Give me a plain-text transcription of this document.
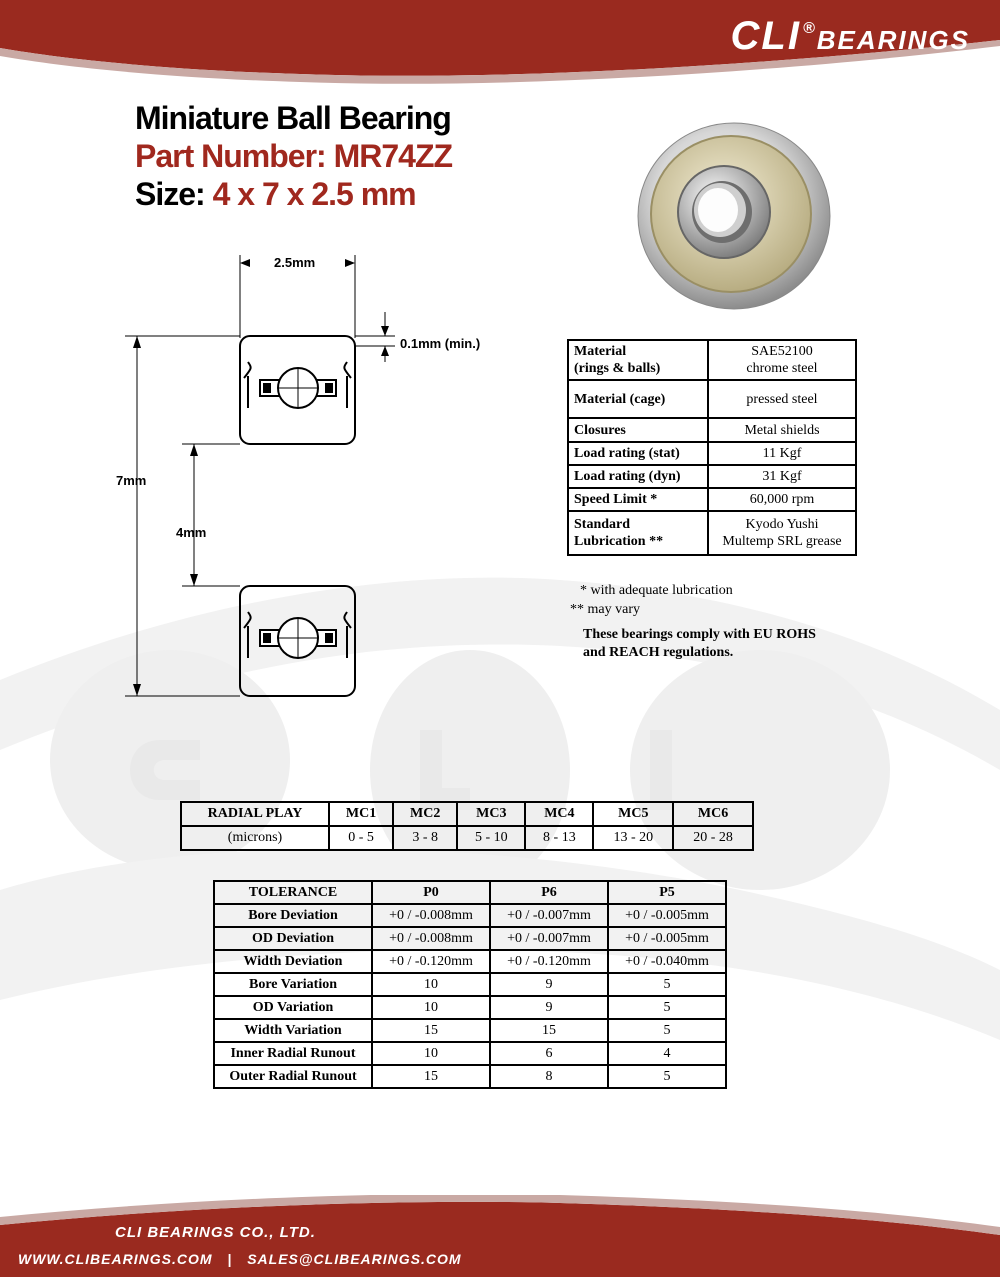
CLI ®BEARINGS
Miniature Ball Bearing
Part Number: MR74ZZ
Size: 4 x 7 x 2.5 mm
2.5mm
0.1mm (min.)
7mm
4mm
Material
(rings & balls)	SAE52100
chrome steel
Material (cage)	pressed steel
Closures	Metal shields
Load rating (stat)	11 Kgf
Load rating (dyn)	31 Kgf
Speed Limit *	60,000 rpm
Standard
Lubrication **	Kyodo Yushi
Multemp SRL grease
* with adequate lubrication
** may vary
These bearings comply with EU ROHS
and REACH regulations.
RADIAL PLAY	MC1	MC2	MC3	MC4	MC5	MC6
(microns)	0 - 5	3 - 8	5 - 10	8 - 13	13 - 20	20 - 28
TOLERANCE	P0	P6	P5
Bore Deviation	+0 / -0.008mm	+0 / -0.007mm	+0 / -0.005mm
OD Deviation	+0 / -0.008mm	+0 / -0.007mm	+0 / -0.005mm
Width Deviation	+0 / -0.120mm	+0 / -0.120mm	+0 / -0.040mm
Bore Variation	10	9	5
OD Variation	10	9	5
Width Variation	15	15	5
Inner Radial Runout	10	6	4
Outer Radial Runout	15	8	5
CLI BEARINGS CO., LTD.
WWW.CLIBEARINGS.COM | SALES@CLIBEARINGS.COM
